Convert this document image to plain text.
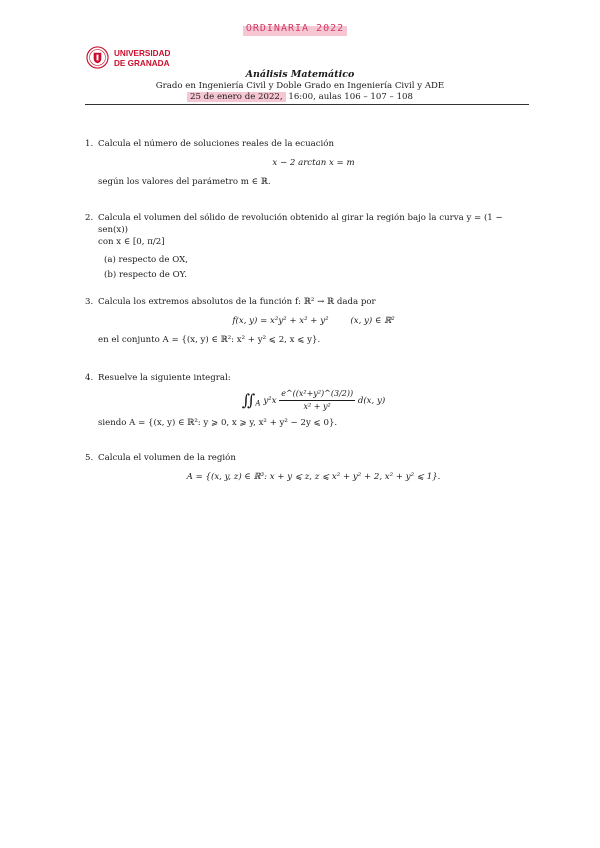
ORDINARIA 2022
UNIVERSIDAD
DE GRANADA
Análisis Matemático
Grado en Ingeniería Civil y Doble Grado en Ingeniería Civil y ADE
25 de enero de 2022, 16:00, aulas 106 – 107 – 108
1. Calcula el número de soluciones reales de la ecuación
x − 2 arctan x = m
según los valores del parámetro m ∈ ℝ.
2. Calcula el volumen del sólido de revolución obtenido al girar la región bajo la curva y = (1 − sen(x))
con x ∈ [0, π/2]
(a) respecto de OX,
(b) respecto de OY.
3. Calcula los extremos absolutos de la función f: ℝ² → ℝ dada por
f(x, y) = x²y² + x² + y²        (x, y) ∈ ℝ²
en el conjunto A = {(x, y) ∈ ℝ²: x² + y² ⩽ 2, x ⩽ y}.
4. Resuelve la siguiente integral:
$∬_A$ $y^2x \frac{\text{e\textasciicircum{}((x²+y²)\textasciicircum{}(3/2))}}{\text{x² + y²}} d(x$, y)
siendo A = {(x, y) ∈ ℝ²: y ⩾ 0, x ⩾ y, x² + y² − 2y ⩽ 0}.
5. Calcula el volumen de la región
A = {(x, y, z) ∈ ℝ³: x + y ⩽ z, z ⩽ x² + y² + 2, x² + y² ⩽ 1}.
